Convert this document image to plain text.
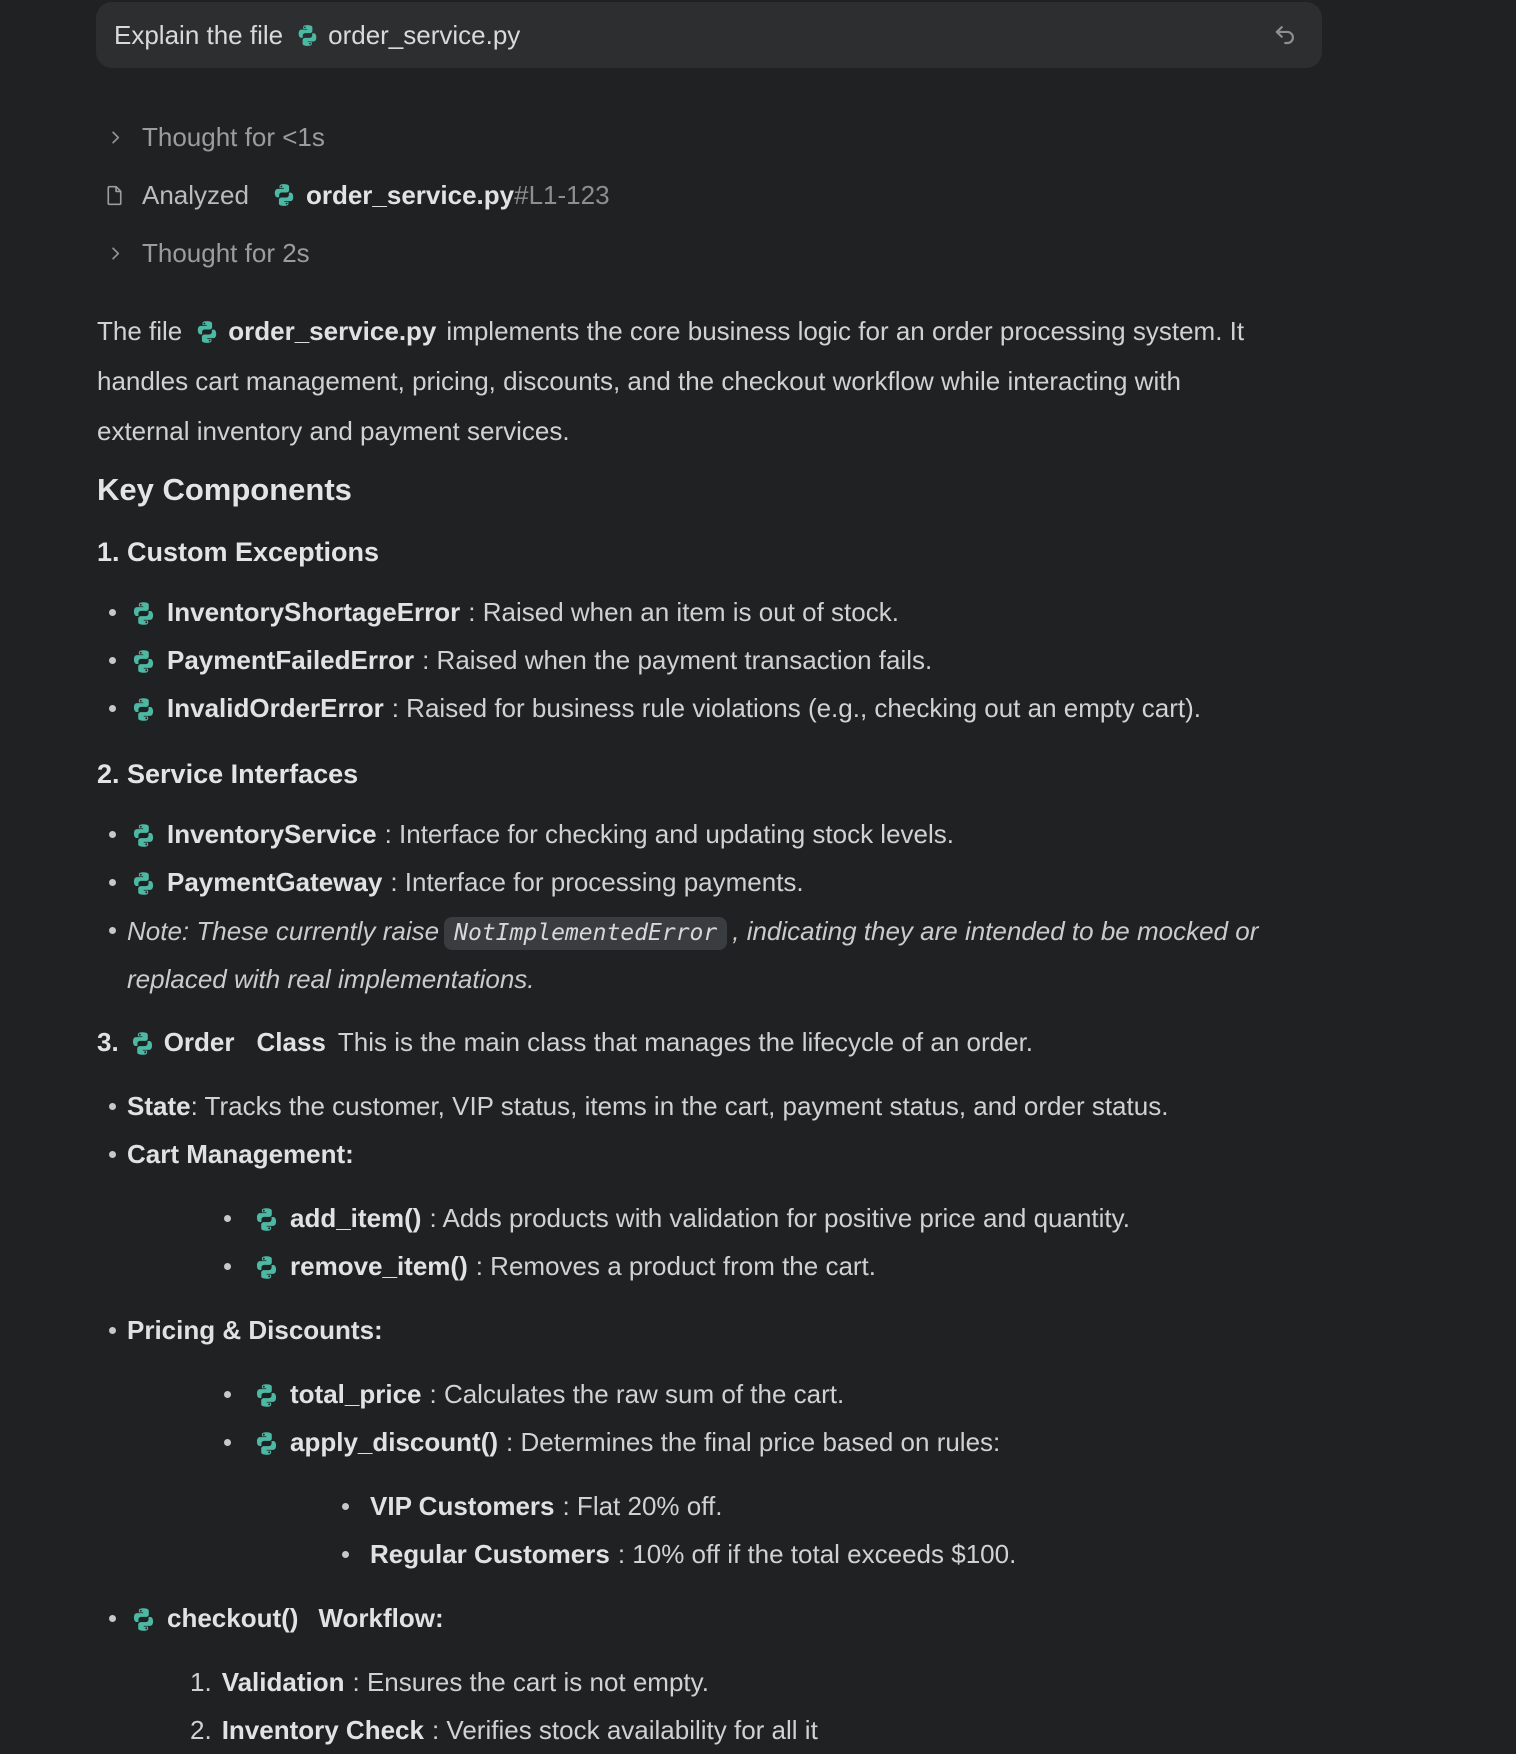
Explain the file order_service.py
Thought for <1s
Analyzed order_service.py #L1-123
Thought for 2s

The file order_service.py implements the core business logic for an order processing system. It handles cart management, pricing, discounts, and the checkout workflow while interacting with external inventory and payment services.

Key Components
1. Custom Exceptions
InventoryShortageError : Raised when an item is out of stock.
PaymentFailedError : Raised when the payment transaction fails.
InvalidOrderError : Raised for business rule violations (e.g., checking out an empty cart).
2. Service Interfaces
InventoryService : Interface for checking and updating stock levels.
PaymentGateway : Interface for processing payments.
Note: These currently raise NotImplementedError , indicating they are intended to be mocked or replaced with real implementations.

3. Order Class This is the main class that manages the lifecycle of an order.

State: Tracks the customer, VIP status, items in the cart, payment status, and order status.
Cart Management:
add_item() : Adds products with validation for positive price and quantity.
remove_item() : Removes a product from the cart.
Pricing & Discounts:
total_price : Calculates the raw sum of the cart.
apply_discount() : Determines the final price based on rules:
VIP Customers : Flat 20% off.
Regular Customers : 10% off if the total exceeds $100.
checkout() Workflow:
1. Validation : Ensures the cart is not empty.
2. Inventory Check : Verifies stock availability for all it
